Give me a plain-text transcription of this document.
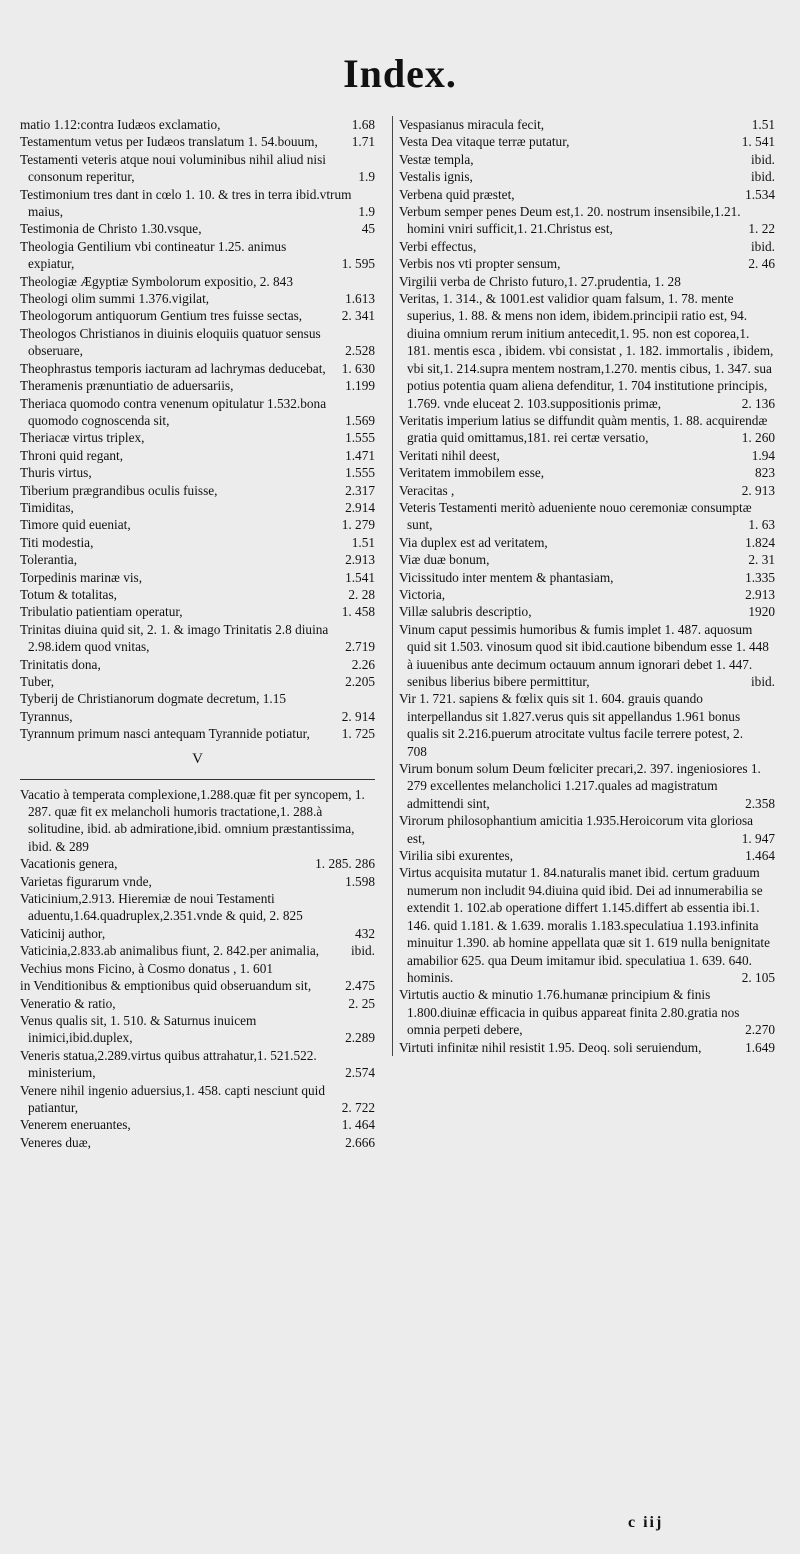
Index.
matio 1.12:contra Iudæos exclamatio,	1.68
Testamentum vetus per Iudæos translatum 1. 54.bouum,	1.71
Testamenti veteris atque noui voluminibus nihil aliud nisi consonum reperitur,	1.9
Testimonium tres dant in cœlo 1. 10. & tres in terra ibid.vtrum maius,	1.9
Testimonia de Christo 1.30.vsque,	45
Theologia Gentilium vbi contineatur 1.25. animus expiatur,	1. 595
Theologiæ Ægyptiæ Symbolorum expositio, 2. 843
Theologi olim summi 1.376.vigilat,	1.613
Theologorum antiquorum Gentium tres fuisse sectas,	2. 341
Theologos Christianos in diuinis eloquiis quatuor sensus obseruare,	2.528
Theophrastus temporis iacturam ad lachrymas deducebat, 1. 630
Theramenis prænuntiatio de aduersariis,	1.199
Theriaca quomodo contra venenum opitulatur 1.532.bona quomodo cognoscenda sit,	1.569
Theriacæ virtus triplex,	1.555
Throni quid regant,	1.471
Thuris virtus,	1.555
Tiberium prægrandibus oculis fuisse,	2.317
Timiditas,	2.914
Timore quid eueniat,	1. 279
Titi modestia,	1.51
Tolerantia,	2.913
Torpedinis marinæ vis,	1.541
Totum & totalitas,	2. 28
Tribulatio patientiam operatur,	1. 458
Trinitas diuina quid sit, 2. 1. & imago Trinitatis 2.8 diuina 2.98.idem quod vnitas,	2.719
Trinitatis dona,	2.26
Tuber,	2.205
Tyberij de Christianorum dogmate decretum, 1.15
Tyrannus,	2. 914
Tyrannum primum nasci antequam Tyrannide potiatur, 1. 725
V
Vacatio à temperata complexione,1.288.quæ fit per syncopem, 1. 287. quæ fit ex melancholi humoris tractatione,1. 288.à solitudine, ibid. ab admiratione,ibid. omnium præstantissima, ibid. & 289
Vacationis genera,	1. 285. 286
Varietas figurarum vnde,	1.598
Vaticinium,2.913. Hieremiæ de noui Testamenti aduentu,1.64.quadruplex,2.351.vnde & quid, 2. 825
Vaticinij author,	432
Vaticinia,2.833.ab animalibus fiunt, 2. 842.per animalia, ibid.
Vechius mons Ficino, à Cosmo donatus , 1. 601
in Venditionibus & emptionibus quid obseruandum sit,	2.475
Veneratio & ratio,	2. 25
Venus qualis sit, 1. 510. & Saturnus inuicem inimici,ibid.duplex,	2.289
Veneris statua,2.289.virtus quibus attrahatur,1. 521.522. ministerium,	2.574
Venere nihil ingenio aduersius,1. 458. capti nesciunt quid patiantur,	2. 722
Venerem eneruantes,	1. 464
Veneres duæ,	2.666
Vespasianus miracula fecit,	1.51
Vesta Dea vitaque terræ putatur,	1. 541
Vestæ templa,	ibid.
Vestalis ignis,	ibid.
Verbena quid præstet,	1.534
Verbum semper penes Deum est,1. 20. nostrum insensibile,1.21. homini vniri sufficit,1. 21.Christus est,	1. 22
Verbi effectus,	ibid.
Verbis nos vti propter sensum,	2. 46
Virgilii verba de Christo futuro,1. 27.prudentia, 1. 28
Veritas, 1. 314., & 1001.est validior quam falsum, 1. 78. mente superius, 1. 88. & mens non idem, ibidem.principii ratio est, 94. diuina omnium rerum initium antecedit,1. 95. non est coporea,1. 181. mentis esca , ibidem. vbi consistat , 1. 182. immortalis , ibidem, vbi sit,1. 214.supra mentem nostram,1.270. mentis cibus, 1. 347. sua potius potentia quam aliena defenditur, 1. 704 institutione principis, 1.769. vnde eluceat 2. 103.suppositionis primæ,	2. 136
Veritatis imperium latius se diffundit quàm mentis, 1. 88. acquirendæ gratia quid omittamus,181. rei certæ versatio,	1. 260
Veritati nihil deest,	1.94
Veritatem immobilem esse,	823
Veracitas ,	2. 913
Veteris Testamenti meritò adueniente nouo ceremoniæ consumptæ sunt,	1. 63
Via duplex est ad veritatem,	1.824
Viæ duæ bonum,	2. 31
Vicissitudo inter mentem & phantasiam,	1.335
Victoria,	2.913
Villæ salubris descriptio,	1920
Vinum caput pessimis humoribus & fumis implet 1. 487. aquosum quid sit 1.503. vinosum quod sit ibid.cautione bibendum esse 1. 448 à iuuenibus ante decimum octauum annum ignorari debet 1. 447. senibus liberius bibere permittitur,	ibid.
Vir 1. 721. sapiens & fœlix quis sit 1. 604. grauis quando interpellandus sit 1.827.verus quis sit appellandus 1.961 bonus qualis sit 2.216.puerum atrocitate vultus facile terrere potest, 2. 708
Virum bonum solum Deum fœliciter precari,2. 397. ingeniosiores 1. 279 excellentes melancholici 1.217.quales ad magistratum admittendi sint,	2.358
Virorum philosophantium amicitia 1.935.Heroicorum vita gloriosa est,	1. 947
Virilia sibi exurentes,	1.464
Virtus acquisita mutatur 1. 84.naturalis manet ibid. certum graduum numerum non includit 94.diuina quid ibid. Dei ad innumerabilia se extendit 1. 102.ab operatione differt 1.145.differt ab essentia ibi.1. 146. quid 1.181. & 1.639. moralis 1.183.speculatiua 1.193.infinita minuitur 1.390. ab homine appellata quæ sit 1. 619 nulla benignitate amabilior 625. qua Deum imitamur ibid. speculatiua 1. 639. 640. hominis.	2. 105
Virtutis auctio & minutio 1.76.humanæ principium & finis 1.800.diuinæ efficacia in quibus appareat finita 2.80.gratia nos omnia perpeti debere,	2.270
Virtuti infinitæ nihil resistit 1.95. Deoq. soli seruiendum,	1.649
c iij
